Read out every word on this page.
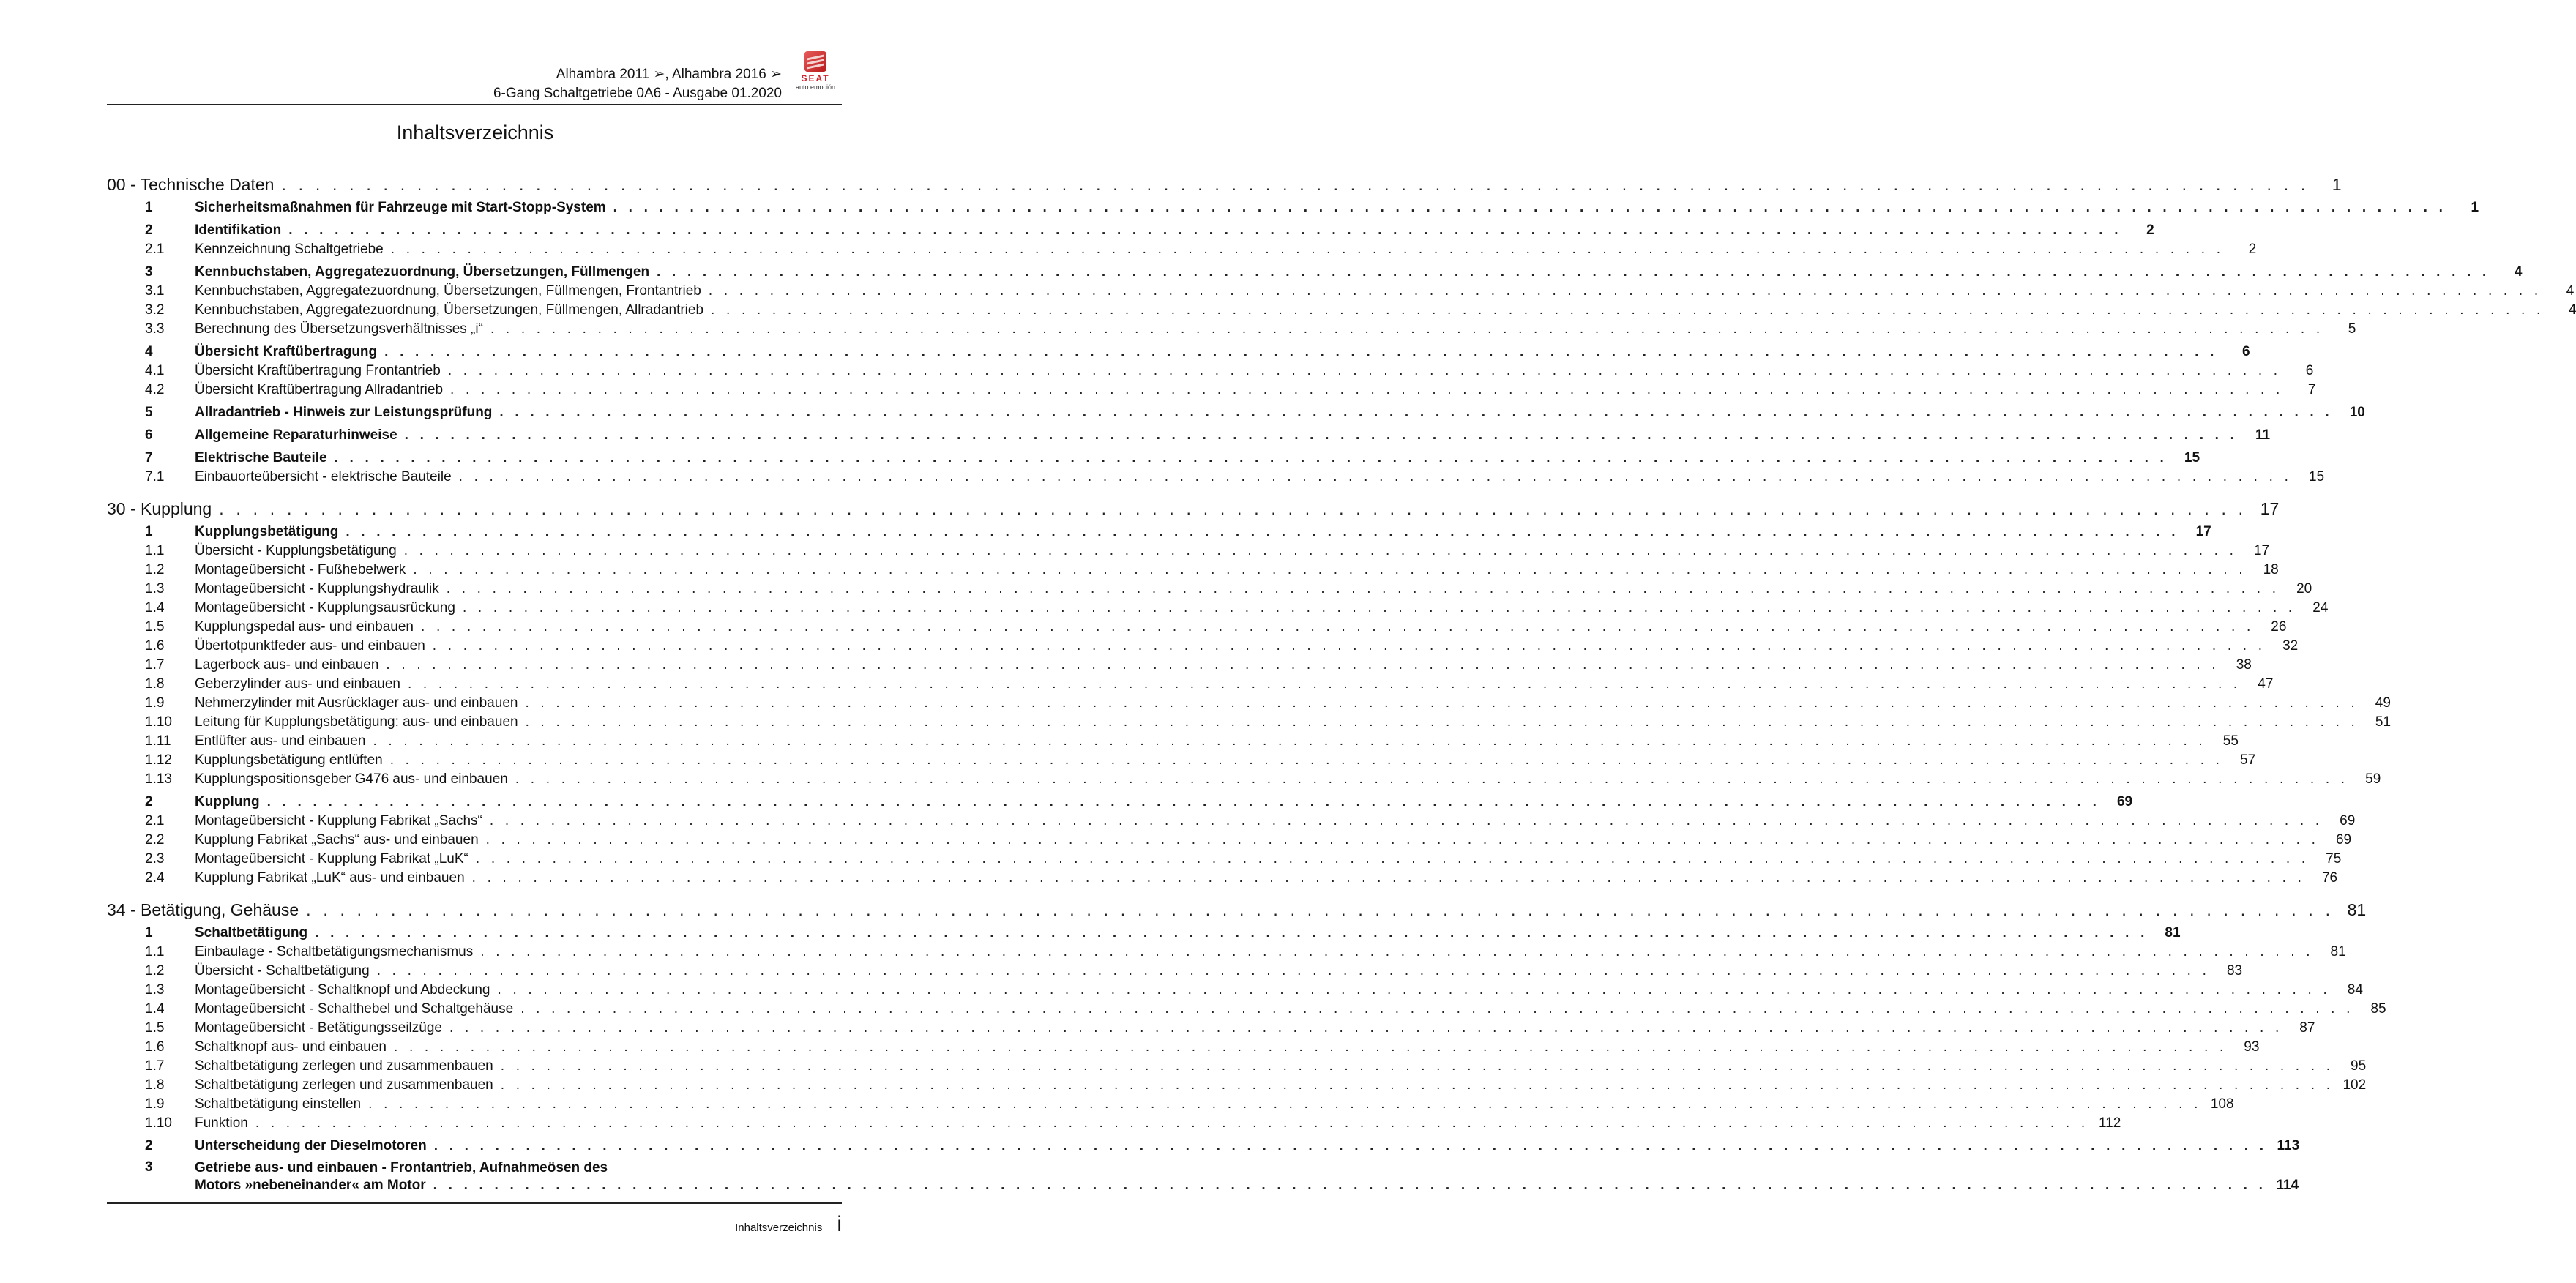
Alhambra 2011 ➢, Alhambra 2016 ➢
6-Gang Schaltgetriebe 0A6 - Ausgabe 01.2020
SEAT
auto emoción
Inhaltsverzeichnis
00 - Technische Daten . . . . . . . . . . . . . . . . . . . . . . . . . . . . . . . . . . . . . . . . . . . . . . . . . . . . . . . . . . . . . . . . . . . . . . . . . . . . . . . . . . . . . . . . . . . . . . . . . . . . . . . . . . . . . . . . . . . . . . . .	1
1	Sicherheitsmaßnahmen für Fahrzeuge mit Start-Stopp-System . . . . . . . . . . . . . . . . . . . . . . . . . . . . . . . . . . . . . . . . . . . . . . . . . . . . . . . . . . . . . . . . . . . . . . . . . . . . . . . . . . . . . . . . . . . . . . . . . . . . . . . . . . . . . . . . . . . . . . . .	1
2	Identifikation . . . . . . . . . . . . . . . . . . . . . . . . . . . . . . . . . . . . . . . . . . . . . . . . . . . . . . . . . . . . . . . . . . . . . . . . . . . . . . . . . . . . . . . . . . . . . . . . . . . . . . . . . . . . . . . . . . . . . . . .	2
2.1	Kennzeichnung Schaltgetriebe . . . . . . . . . . . . . . . . . . . . . . . . . . . . . . . . . . . . . . . . . . . . . . . . . . . . . . . . . . . . . . . . . . . . . . . . . . . . . . . . . . . . . . . . . . . . . . . . . . . . . . . . . . . . . . . . . . . . . . . .	2
3	Kennbuchstaben, Aggregatezuordnung, Übersetzungen, Füllmengen . . . . . . . . . . . . . . . . . . . . . . . . . . . . . . . . . . . . . . . . . . . . . . . . . . . . . . . . . . . . . . . . . . . . . . . . . . . . . . . . . . . . . . . . . . . . . . . . . . . . . . . . . . . . . . . . . . . . . . . .	4
3.1	Kennbuchstaben, Aggregatezuordnung, Übersetzungen, Füllmengen, Frontantrieb . . . . . . . . . . . . . . . . . . . . . . . . . . . . . . . . . . . . . . . . . . . . . . . . . . . . . . . . . . . . . . . . . . . . . . . . . . . . . . . . . . . . . . . . . . . . . . . . . . . . . . . . . . . . . . . . . . . . . . . .	4
3.2	Kennbuchstaben, Aggregatezuordnung, Übersetzungen, Füllmengen, Allradantrieb . . . . . . . . . . . . . . . . . . . . . . . . . . . . . . . . . . . . . . . . . . . . . . . . . . . . . . . . . . . . . . . . . . . . . . . . . . . . . . . . . . . . . . . . . . . . . . . . . . . . . . . . . . . . . . . . . . . . . . . .	4
3.3	Berechnung des Übersetzungsverhältnisses „i“ . . . . . . . . . . . . . . . . . . . . . . . . . . . . . . . . . . . . . . . . . . . . . . . . . . . . . . . . . . . . . . . . . . . . . . . . . . . . . . . . . . . . . . . . . . . . . . . . . . . . . . . . . . . . . . . . . . . . . . . .	5
4	Übersicht Kraftübertragung . . . . . . . . . . . . . . . . . . . . . . . . . . . . . . . . . . . . . . . . . . . . . . . . . . . . . . . . . . . . . . . . . . . . . . . . . . . . . . . . . . . . . . . . . . . . . . . . . . . . . . . . . . . . . . . . . . . . . . . .	6
4.1	Übersicht Kraftübertragung Frontantrieb . . . . . . . . . . . . . . . . . . . . . . . . . . . . . . . . . . . . . . . . . . . . . . . . . . . . . . . . . . . . . . . . . . . . . . . . . . . . . . . . . . . . . . . . . . . . . . . . . . . . . . . . . . . . . . . . . . . . . . . .	6
4.2	Übersicht Kraftübertragung Allradantrieb . . . . . . . . . . . . . . . . . . . . . . . . . . . . . . . . . . . . . . . . . . . . . . . . . . . . . . . . . . . . . . . . . . . . . . . . . . . . . . . . . . . . . . . . . . . . . . . . . . . . . . . . . . . . . . . . . . . . . . . .	7
5	Allradantrieb - Hinweis zur Leistungsprüfung . . . . . . . . . . . . . . . . . . . . . . . . . . . . . . . . . . . . . . . . . . . . . . . . . . . . . . . . . . . . . . . . . . . . . . . . . . . . . . . . . . . . . . . . . . . . . . . . . . . . . . . . . . . . . . . . . . . . . . . .	10
6	Allgemeine Reparaturhinweise . . . . . . . . . . . . . . . . . . . . . . . . . . . . . . . . . . . . . . . . . . . . . . . . . . . . . . . . . . . . . . . . . . . . . . . . . . . . . . . . . . . . . . . . . . . . . . . . . . . . . . . . . . . . . . . . . . . . . . . .	11
7	Elektrische Bauteile . . . . . . . . . . . . . . . . . . . . . . . . . . . . . . . . . . . . . . . . . . . . . . . . . . . . . . . . . . . . . . . . . . . . . . . . . . . . . . . . . . . . . . . . . . . . . . . . . . . . . . . . . . . . . . . . . . . . . . . .	15
7.1	Einbauorteübersicht - elektrische Bauteile . . . . . . . . . . . . . . . . . . . . . . . . . . . . . . . . . . . . . . . . . . . . . . . . . . . . . . . . . . . . . . . . . . . . . . . . . . . . . . . . . . . . . . . . . . . . . . . . . . . . . . . . . . . . . . . . . . . . . . . .	15
30 - Kupplung . . . . . . . . . . . . . . . . . . . . . . . . . . . . . . . . . . . . . . . . . . . . . . . . . . . . . . . . . . . . . . . . . . . . . . . . . . . . . . . . . . . . . . . . . . . . . . . . . . . . . . . . . . . . . . . . . . . . . . . . 17
1	Kupplungsbetätigung . . . . . . . . . . . . . . . . . . . . . . . . . . . . . . . . . . . . . . . . . . . . . . . . . . . . . . . . . . . . . . . . . . . . . . . . . . . . . . . . . . . . . . . . . . . . . . . . . . . . . . . . . . . . . . . . . . . . . . . .	17
1.1	Übersicht - Kupplungsbetätigung . . . . . . . . . . . . . . . . . . . . . . . . . . . . . . . . . . . . . . . . . . . . . . . . . . . . . . . . . . . . . . . . . . . . . . . . . . . . . . . . . . . . . . . . . . . . . . . . . . . . . . . . . . . . . . . . . . . . . . . .	17
1.2	Montageübersicht - Fußhebelwerk . . . . . . . . . . . . . . . . . . . . . . . . . . . . . . . . . . . . . . . . . . . . . . . . . . . . . . . . . . . . . . . . . . . . . . . . . . . . . . . . . . . . . . . . . . . . . . . . . . . . . . . . . . . . . . . . . . . . . . . .	18
1.3	Montageübersicht - Kupplungshydraulik . . . . . . . . . . . . . . . . . . . . . . . . . . . . . . . . . . . . . . . . . . . . . . . . . . . . . . . . . . . . . . . . . . . . . . . . . . . . . . . . . . . . . . . . . . . . . . . . . . . . . . . . . . . . . . . . . . . . . . . .	20
1.4	Montageübersicht - Kupplungsausrückung . . . . . . . . . . . . . . . . . . . . . . . . . . . . . . . . . . . . . . . . . . . . . . . . . . . . . . . . . . . . . . . . . . . . . . . . . . . . . . . . . . . . . . . . . . . . . . . . . . . . . . . . . . . . . . . . . . . . . . . .	24
1.5	Kupplungspedal aus- und einbauen . . . . . . . . . . . . . . . . . . . . . . . . . . . . . . . . . . . . . . . . . . . . . . . . . . . . . . . . . . . . . . . . . . . . . . . . . . . . . . . . . . . . . . . . . . . . . . . . . . . . . . . . . . . . . . . . . . . . . . . .	26
1.6	Übertotpunktfeder aus- und einbauen . . . . . . . . . . . . . . . . . . . . . . . . . . . . . . . . . . . . . . . . . . . . . . . . . . . . . . . . . . . . . . . . . . . . . . . . . . . . . . . . . . . . . . . . . . . . . . . . . . . . . . . . . . . . . . . . . . . . . . . .	32
1.7	Lagerbock aus- und einbauen . . . . . . . . . . . . . . . . . . . . . . . . . . . . . . . . . . . . . . . . . . . . . . . . . . . . . . . . . . . . . . . . . . . . . . . . . . . . . . . . . . . . . . . . . . . . . . . . . . . . . . . . . . . . . . . . . . . . . . . .	38
1.8	Geberzylinder aus- und einbauen . . . . . . . . . . . . . . . . . . . . . . . . . . . . . . . . . . . . . . . . . . . . . . . . . . . . . . . . . . . . . . . . . . . . . . . . . . . . . . . . . . . . . . . . . . . . . . . . . . . . . . . . . . . . . . . . . . . . . . . .	47
1.9	Nehmerzylinder mit Ausrücklager aus- und einbauen . . . . . . . . . . . . . . . . . . . . . . . . . . . . . . . . . . . . . . . . . . . . . . . . . . . . . . . . . . . . . . . . . . . . . . . . . . . . . . . . . . . . . . . . . . . . . . . . . . . . . . . . . . . . . . . . . . . . . . . .	49
1.10	Leitung für Kupplungsbetätigung: aus- und einbauen . . . . . . . . . . . . . . . . . . . . . . . . . . . . . . . . . . . . . . . . . . . . . . . . . . . . . . . . . . . . . . . . . . . . . . . . . . . . . . . . . . . . . . . . . . . . . . . . . . . . . . . . . . . . . . . . . . . . . . . .	51
1.11	Entlüfter aus- und einbauen . . . . . . . . . . . . . . . . . . . . . . . . . . . . . . . . . . . . . . . . . . . . . . . . . . . . . . . . . . . . . . . . . . . . . . . . . . . . . . . . . . . . . . . . . . . . . . . . . . . . . . . . . . . . . . . . . . . . . . . .	55
1.12	Kupplungsbetätigung entlüften . . . . . . . . . . . . . . . . . . . . . . . . . . . . . . . . . . . . . . . . . . . . . . . . . . . . . . . . . . . . . . . . . . . . . . . . . . . . . . . . . . . . . . . . . . . . . . . . . . . . . . . . . . . . . . . . . . . . . . . .	57
1.13	Kupplungspositionsgeber G476 aus- und einbauen . . . . . . . . . . . . . . . . . . . . . . . . . . . . . . . . . . . . . . . . . . . . . . . . . . . . . . . . . . . . . . . . . . . . . . . . . . . . . . . . . . . . . . . . . . . . . . . . . . . . . . . . . . . . . . . . . . . . . . . .	59
2	Kupplung . . . . . . . . . . . . . . . . . . . . . . . . . . . . . . . . . . . . . . . . . . . . . . . . . . . . . . . . . . . . . . . . . . . . . . . . . . . . . . . . . . . . . . . . . . . . . . . . . . . . . . . . . . . . . . . . . . . . . . . .	69
2.1	Montageübersicht - Kupplung Fabrikat „Sachs“ . . . . . . . . . . . . . . . . . . . . . . . . . . . . . . . . . . . . . . . . . . . . . . . . . . . . . . . . . . . . . . . . . . . . . . . . . . . . . . . . . . . . . . . . . . . . . . . . . . . . . . . . . . . . . . . . . . . . . . . .	69
2.2	Kupplung Fabrikat „Sachs“ aus- und einbauen . . . . . . . . . . . . . . . . . . . . . . . . . . . . . . . . . . . . . . . . . . . . . . . . . . . . . . . . . . . . . . . . . . . . . . . . . . . . . . . . . . . . . . . . . . . . . . . . . . . . . . . . . . . . . . . . . . . . . . . .	69
2.3	Montageübersicht - Kupplung Fabrikat „LuK“ . . . . . . . . . . . . . . . . . . . . . . . . . . . . . . . . . . . . . . . . . . . . . . . . . . . . . . . . . . . . . . . . . . . . . . . . . . . . . . . . . . . . . . . . . . . . . . . . . . . . . . . . . . . . . . . . . . . . . . . .	75
2.4	Kupplung Fabrikat „LuK“ aus- und einbauen . . . . . . . . . . . . . . . . . . . . . . . . . . . . . . . . . . . . . . . . . . . . . . . . . . . . . . . . . . . . . . . . . . . . . . . . . . . . . . . . . . . . . . . . . . . . . . . . . . . . . . . . . . . . . . . . . . . . . . . .	76
34 - Betätigung, Gehäuse . . . . . . . . . . . . . . . . . . . . . . . . . . . . . . . . . . . . . . . . . . . . . . . . . . . . . . . . . . . . . . . . . . . . . . . . . . . . . . . . . . . . . . . . . . . . . . . . . . . . . . . . . . . . . . . . . . . . . . . . 81
1	Schaltbetätigung . . . . . . . . . . . . . . . . . . . . . . . . . . . . . . . . . . . . . . . . . . . . . . . . . . . . . . . . . . . . . . . . . . . . . . . . . . . . . . . . . . . . . . . . . . . . . . . . . . . . . . . . . . . . . . . . . . . . . . . .	81
1.1	Einbaulage - Schaltbetätigungsmechanismus . . . . . . . . . . . . . . . . . . . . . . . . . . . . . . . . . . . . . . . . . . . . . . . . . . . . . . . . . . . . . . . . . . . . . . . . . . . . . . . . . . . . . . . . . . . . . . . . . . . . . . . . . . . . . . . . . . . . . . . .	81
1.2	Übersicht - Schaltbetätigung . . . . . . . . . . . . . . . . . . . . . . . . . . . . . . . . . . . . . . . . . . . . . . . . . . . . . . . . . . . . . . . . . . . . . . . . . . . . . . . . . . . . . . . . . . . . . . . . . . . . . . . . . . . . . . . . . . . . . . . .	83
1.3	Montageübersicht - Schaltknopf und Abdeckung . . . . . . . . . . . . . . . . . . . . . . . . . . . . . . . . . . . . . . . . . . . . . . . . . . . . . . . . . . . . . . . . . . . . . . . . . . . . . . . . . . . . . . . . . . . . . . . . . . . . . . . . . . . . . . . . . . . . . . . .	84
1.4	Montageübersicht - Schalthebel und Schaltgehäuse . . . . . . . . . . . . . . . . . . . . . . . . . . . . . . . . . . . . . . . . . . . . . . . . . . . . . . . . . . . . . . . . . . . . . . . . . . . . . . . . . . . . . . . . . . . . . . . . . . . . . . . . . . . . . . . . . . . . . . . .	85
1.5	Montageübersicht - Betätigungsseilzüge . . . . . . . . . . . . . . . . . . . . . . . . . . . . . . . . . . . . . . . . . . . . . . . . . . . . . . . . . . . . . . . . . . . . . . . . . . . . . . . . . . . . . . . . . . . . . . . . . . . . . . . . . . . . . . . . . . . . . . . .	87
1.6	Schaltknopf aus- und einbauen . . . . . . . . . . . . . . . . . . . . . . . . . . . . . . . . . . . . . . . . . . . . . . . . . . . . . . . . . . . . . . . . . . . . . . . . . . . . . . . . . . . . . . . . . . . . . . . . . . . . . . . . . . . . . . . . . . . . . . . .	93
1.7	Schaltbetätigung zerlegen und zusammenbauen . . . . . . . . . . . . . . . . . . . . . . . . . . . . . . . . . . . . . . . . . . . . . . . . . . . . . . . . . . . . . . . . . . . . . . . . . . . . . . . . . . . . . . . . . . . . . . . . . . . . . . . . . . . . . . . . . . . . . . . .	95
1.8	Schaltbetätigung zerlegen und zusammenbauen . . . . . . . . . . . . . . . . . . . . . . . . . . . . . . . . . . . . . . . . . . . . . . . . . . . . . . . . . . . . . . . . . . . . . . . . . . . . . . . . . . . . . . . . . . . . . . . . . . . . . . . . . . . . . . . . . . . . . . . . 102
1.9	Schaltbetätigung einstellen . . . . . . . . . . . . . . . . . . . . . . . . . . . . . . . . . . . . . . . . . . . . . . . . . . . . . . . . . . . . . . . . . . . . . . . . . . . . . . . . . . . . . . . . . . . . . . . . . . . . . . . . . . . . . . . . . . . . . . . . 108
1.10	Funktion . . . . . . . . . . . . . . . . . . . . . . . . . . . . . . . . . . . . . . . . . . . . . . . . . . . . . . . . . . . . . . . . . . . . . . . . . . . . . . . . . . . . . . . . . . . . . . . . . . . . . . . . . . . . . . . . . . . . . . . . 112
2	Unterscheidung der Dieselmotoren . . . . . . . . . . . . . . . . . . . . . . . . . . . . . . . . . . . . . . . . . . . . . . . . . . . . . . . . . . . . . . . . . . . . . . . . . . . . . . . . . . . . . . . . . . . . . . . . . . . . . . . . . . . . . . . . . . . . . . . . 113
3	Getriebe aus- und einbauen - Frontantrieb, Aufnahmeösen des
Motors »nebeneinander« am Motor . . . . . . . . . . . . . . . . . . . . . . . . . . . . . . . . . . . . . . . . . . . . . . . . . . . . . . . . . . . . . . . . . . . . . . . . . . . . . . . . . . . . . . . . . . . . . . . . . . . . . . . . . . . . . . . . . . . . . . . . 114
Inhaltsverzeichnis i
